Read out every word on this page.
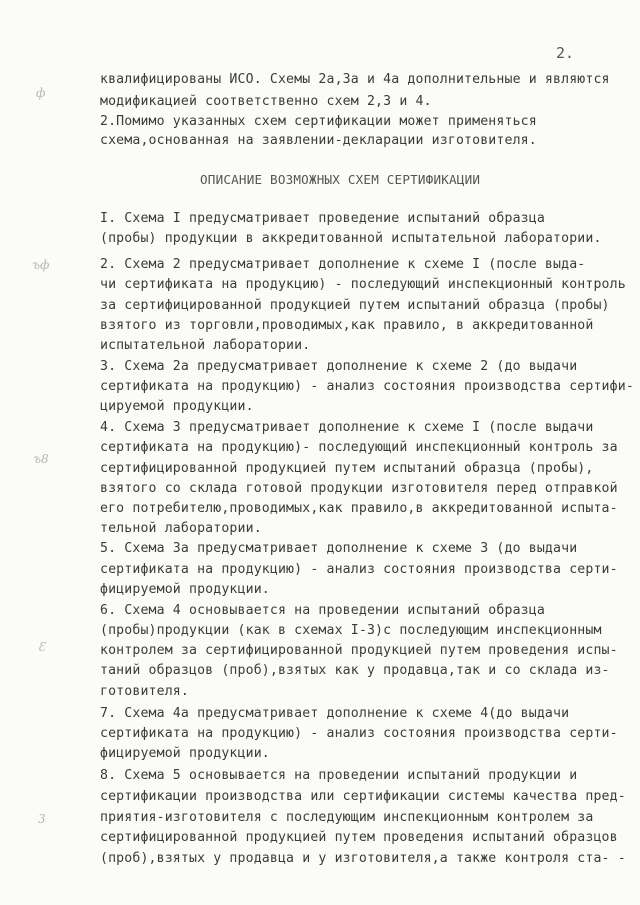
2.
ф
ъф
ъ8
Ɛ
3
квалифицированы ИСО. Схемы 2а,3а и 4а дополнительные и являются
модификацией соответственно схем 2,3 и 4.
2.Помимо указанных схем сертификации может применяться
схема,основанная на заявлении-декларации изготовителя.
ОПИСАНИЕ ВОЗМОЖНЫХ СХЕМ СЕРТИФИКАЦИИ
I. Схема I предусматривает проведение испытаний образца
(пробы) продукции в аккредитованной испытательной лаборатории.
2. Схема 2 предусматривает дополнение к схеме I (после выда-
чи сертификата на продукцию) - последующий инспекционный контроль
за сертифицированной продукцией путем испытаний образца (пробы)
взятого из торговли,проводимых,как правило, в аккредитованной
испытательной лаборатории.
3. Схема 2а предусматривает дополнение к схеме 2 (до выдачи
сертификата на продукцию) - анализ состояния производства сертифи-
цируемой продукции.
4. Схема 3 предусматривает дополнение к схеме I (после выдачи
сертификата на продукцию)- последующий инспекционный контроль за
сертифицированной продукцией путем испытаний образца (пробы),
взятого со склада готовой продукции изготовителя перед отправкой
его потребителю,проводимых,как правило,в аккредитованной испыта-
тельной лаборатории.
5. Схема 3а предусматривает дополнение к схеме 3 (до выдачи
сертификата на продукцию) - анализ состояния производства серти-
фицируемой продукции.
6. Схема 4 основывается на проведении испытаний образца
(пробы)продукции (как в схемах I-3)с последующим инспекционным
контролем за сертифицированной продукцией путем проведения испы-
таний образцов (проб),взятых как у продавца,так и со склада из-
готовителя.
7. Схема 4а предусматривает дополнение к схеме 4(до выдачи
сертификата на продукцию) - анализ состояния производства серти-
фицируемой продукции.
8. Схема 5 основывается на проведении испытаний продукции и
сертификации производства или сертификации системы качества пред-
приятия-изготовителя с последующим инспекционным контролем за
сертифицированной продукцией путем проведения испытаний образцов
(проб),взятых у продавца и у изготовителя,а также контроля ста- -
